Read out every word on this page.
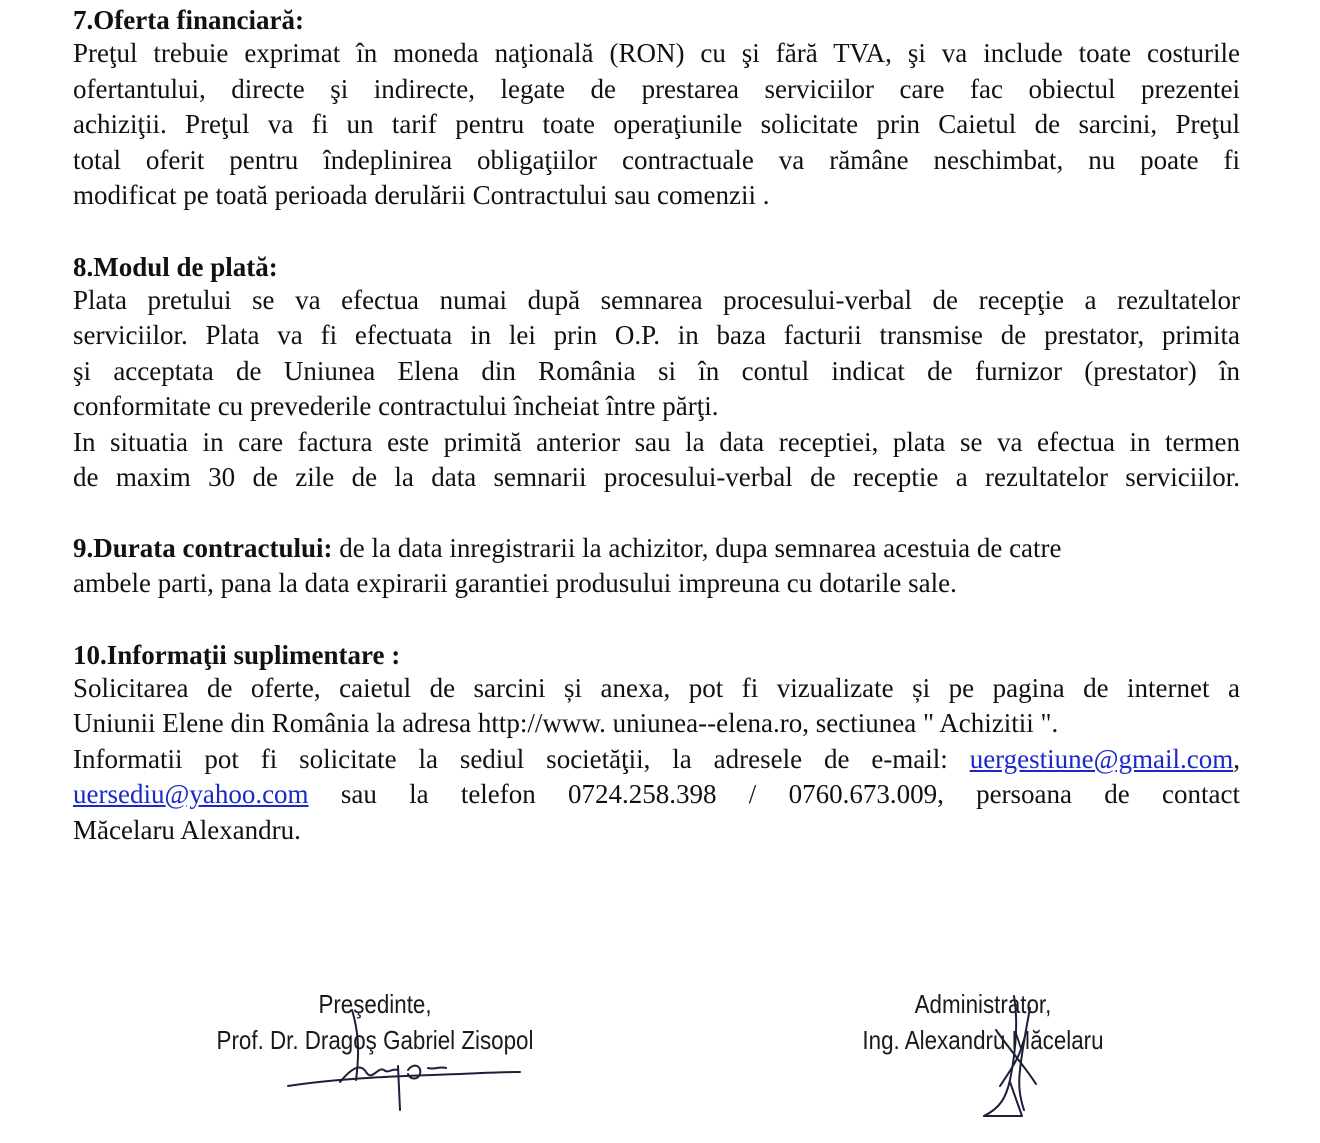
7.Oferta financiară:

Preţul trebuie exprimat în moneda naţională (RON) cu şi fără TVA, şi va include toate costurile

ofertantului, directe şi indirecte, legate de prestarea serviciilor care fac obiectul prezentei

achiziţii. Preţul va fi un tarif pentru toate operaţiunile solicitate prin Caietul de sarcini, Preţul

total oferit pentru îndeplinirea obligaţiilor contractuale va rămâne neschimbat, nu poate fi

modificat pe toată perioada derulării Contractului sau comenzii .

8.Modul de plată:

Plata pretului se va efectua numai după semnarea procesului-verbal de recepţie a rezultatelor

serviciilor. Plata va fi efectuata in lei prin O.P. in baza facturii transmise de prestator, primita

şi acceptata de Uniunea Elena din România si în contul indicat de furnizor (prestator) în

conformitate cu prevederile contractului încheiat între părţi.

In situatia in care factura este primită anterior sau la data receptiei, plata se va efectua in termen

de maxim 30 de zile de la data semnarii procesului-verbal de receptie a rezultatelor serviciilor.

9.Durata contractului: de la data inregistrarii la achizitor, dupa semnarea acestuia de catre

ambele parti, pana la data expirarii garantiei produsului impreuna cu dotarile sale.

10.Informaţii suplimentare :

Solicitarea de oferte, caietul de sarcini și anexa, pot fi vizualizate și pe pagina de internet a

Uniunii Elene din România la adresa http://www. uniunea--elena.ro, sectiunea " Achizitii ".

Informatii pot fi solicitate la sediul societăţii, la adresele de e-mail: uergestiune@gmail.com,

uersediu@yahoo.com sau la telefon 0724.258.398 / 0760.673.009, persoana de contact

Măcelaru Alexandru.

Preşedinte,
Prof. Dr. Dragoş Gabriel Zisopol
Administrator,
Ing. Alexandru Măcelaru
